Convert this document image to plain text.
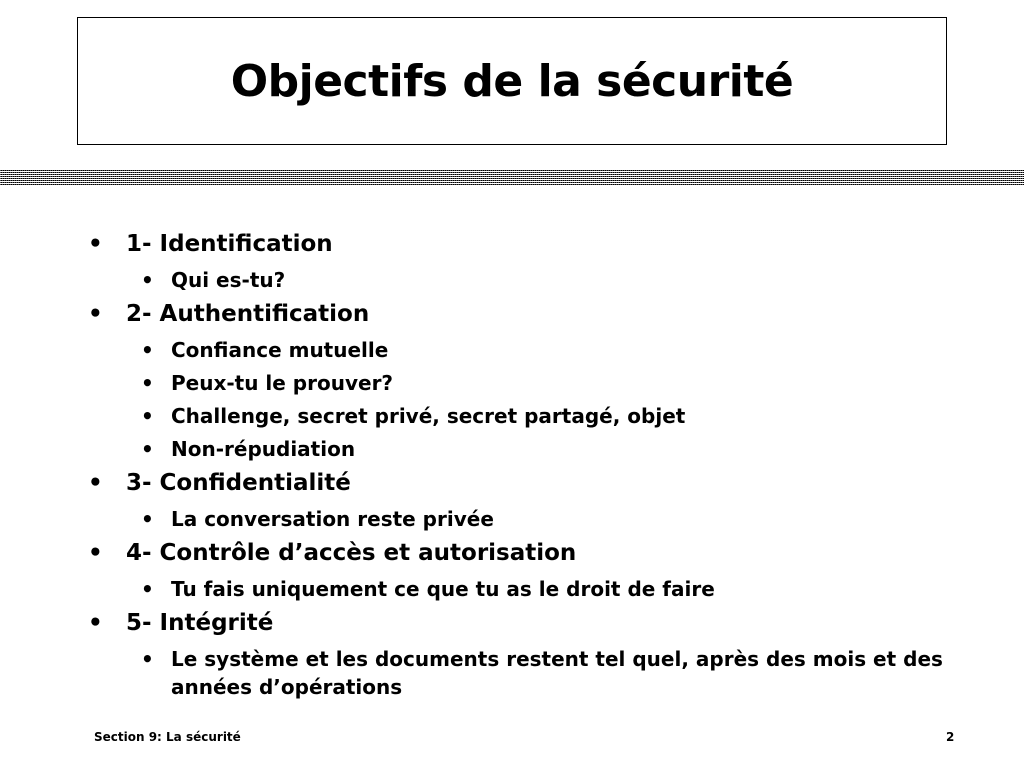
Objectifs de la sécurité
• 1- Identification
• Qui es-tu?
• 2- Authentification
• Confiance mutuelle
• Peux-tu le prouver?
• Challenge, secret privé, secret partagé, objet
• Non-répudiation
• 3- Confidentialité
• La conversation reste privée
• 4- Contrôle d’accès et autorisation
• Tu fais uniquement ce que tu as le droit de faire
• 5- Intégrité
• Le système et les documents restent tel quel, après des mois et des années d’opérations
Section 9: La sécurité	2
